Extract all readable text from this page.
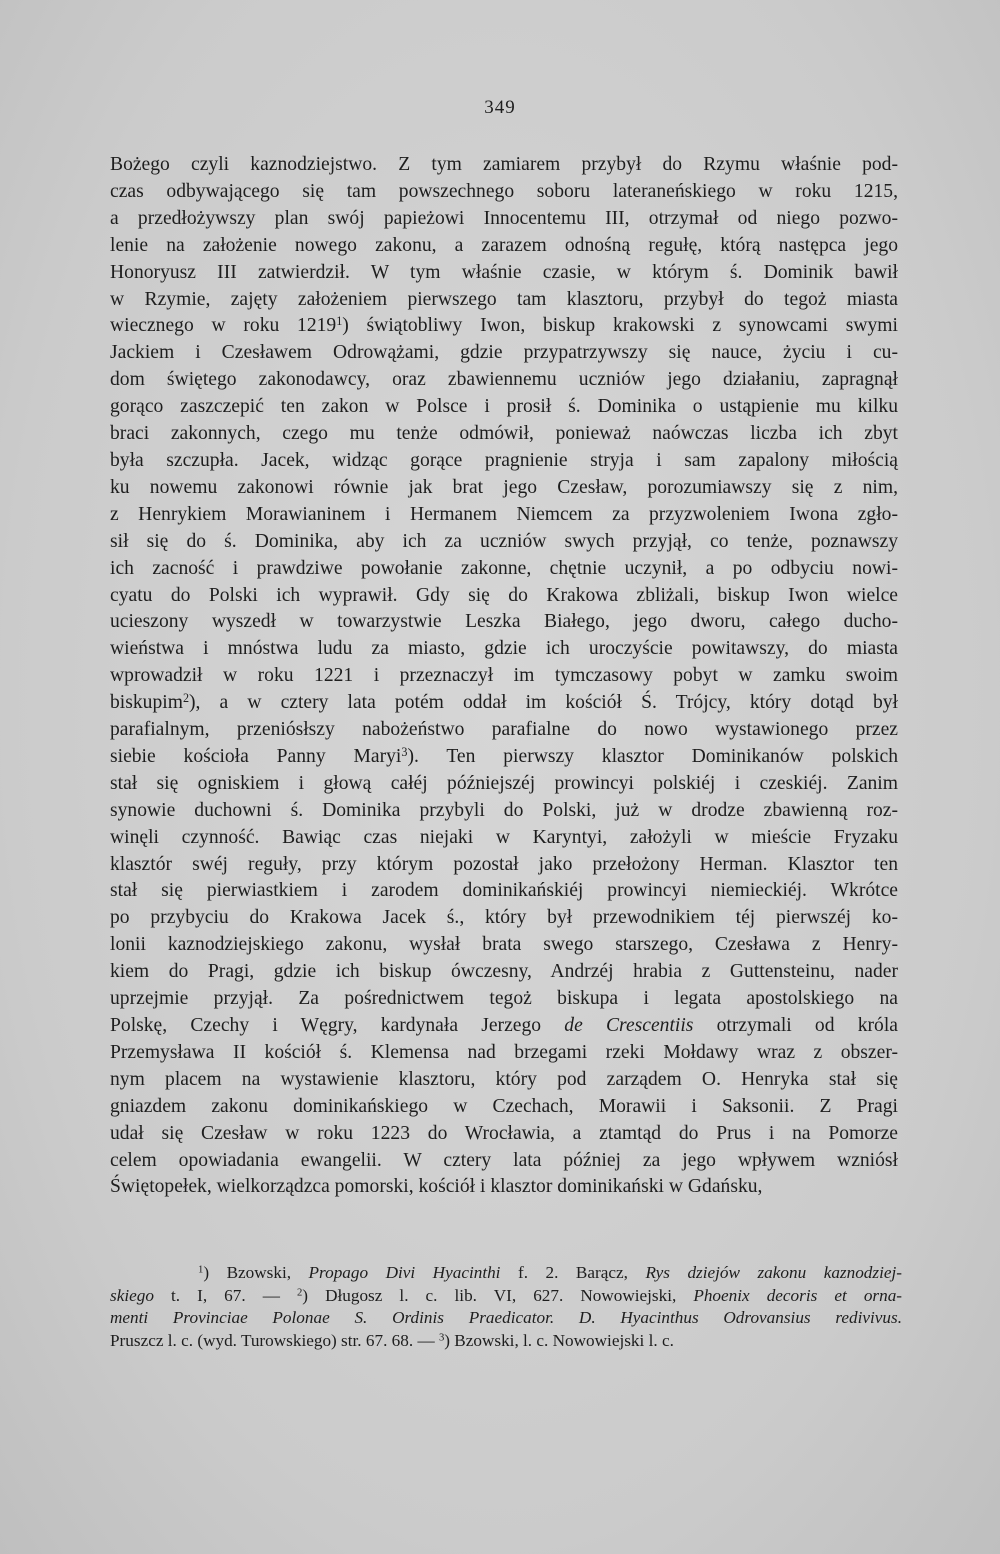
349
Bożego czyli kaznodziejstwo. Z tym zamiarem przybył do Rzymu właśnie pod-
czas odbywającego się tam powszechnego soboru lateraneńskiego w roku 1215,
a przedłożywszy plan swój papieżowi Innocentemu III, otrzymał od niego pozwo-
lenie na założenie nowego zakonu, a zarazem odnośną regułę, którą następca jego
Honoryusz III zatwierdził. W tym właśnie czasie, w którym ś. Dominik bawił
w Rzymie, zajęty założeniem pierwszego tam klasztoru, przybył do tegoż miasta
wiecznego w roku 1219$^1$) świątobliwy Iwon, biskup krakowski z synowcami swymi
Jackiem i Czesławem Odrowążami, gdzie przypatrzywszy się nauce, życiu i cu-
dom świętego zakonodawcy, oraz zbawiennemu uczniów jego działaniu, zapragnął
gorąco zaszczepić ten zakon w Polsce i prosił ś. Dominika o ustąpienie mu kilku
braci zakonnych, czego mu tenże odmówił, ponieważ naówczas liczba ich zbyt
była szczupła. Jacek, widząc gorące pragnienie stryja i sam zapalony miłością
ku nowemu zakonowi równie jak brat jego Czesław, porozumiawszy się z nim,
z Henrykiem Morawianinem i Hermanem Niemcem za przyzwoleniem Iwona zgło-
sił się do ś. Dominika, aby ich za uczniów swych przyjął, co tenże, poznawszy
ich zacność i prawdziwe powołanie zakonne, chętnie uczynił, a po odbyciu nowi-
cyatu do Polski ich wyprawił. Gdy się do Krakowa zbliżali, biskup Iwon wielce
ucieszony wyszedł w towarzystwie Leszka Białego, jego dworu, całego ducho-
wieństwa i mnóstwa ludu za miasto, gdzie ich uroczyście powitawszy, do miasta
wprowadził w roku 1221 i przeznaczył im tymczasowy pobyt w zamku swoim
biskupim$^2$), a w cztery lata potém oddał im kościół Ś. Trójcy, który dotąd był
parafialnym, przeniósłszy nabożeństwo parafialne do nowo wystawionego przez
siebie kościoła Panny Maryi$^3$). Ten pierwszy klasztor Dominikanów polskich
stał się ogniskiem i głową całéj późniejszéj prowincyi polskiéj i czeskiéj. Zanim
synowie duchowni ś. Dominika przybyli do Polski, już w drodze zbawienną roz-
winęli czynność. Bawiąc czas niejaki w Karyntyi, założyli w mieście Fryzaku
klasztór swéj reguły, przy którym pozostał jako przełożony Herman. Klasztor ten
stał się pierwiastkiem i zarodem dominikańskiéj prowincyi niemieckiéj. Wkrótce
po przybyciu do Krakowa Jacek ś., który był przewodnikiem téj pierwszéj ko-
lonii kaznodziejskiego zakonu, wysłał brata swego starszego, Czesława z Henry-
kiem do Pragi, gdzie ich biskup ówczesny, Andrzéj hrabia z Guttensteinu, nader
uprzejmie przyjął. Za pośrednictwem tegoż biskupa i legata apostolskiego na
Polskę, Czechy i Węgry, kardynała Jerzego de Crescentiis otrzymali od króla
Przemysława II kościół ś. Klemensa nad brzegami rzeki Mołdawy wraz z obszer-
nym placem na wystawienie klasztoru, który pod zarządem O. Henryka stał się
gniazdem zakonu dominikańskiego w Czechach, Morawii i Saksonii. Z Pragi
udał się Czesław w roku 1223 do Wrocławia, a ztamtąd do Prus i na Pomorze
celem opowiadania ewangelii. W cztery lata później za jego wpływem wzniósł
Świętopełek, wielkorządzca pomorski, kościół i klasztor dominikański w Gdańsku,
$^1$) Bzowski, Propago Divi Hyacinthi f. 2. Barącz, Rys dziejów zakonu kaznodziej-
skiego t. I, 67. — $^2$) Długosz l. c. lib. VI, 627. Nowowiejski, Phoenix decoris et orna-
menti Provinciae Polonae S. Ordinis Praedicator. D. Hyacinthus Odrovansius redivivus.
Pruszcz l. c. (wyd. Turowskiego) str. 67. 68. — $^3$) Bzowski, l. c. Nowowiejski l. c.
